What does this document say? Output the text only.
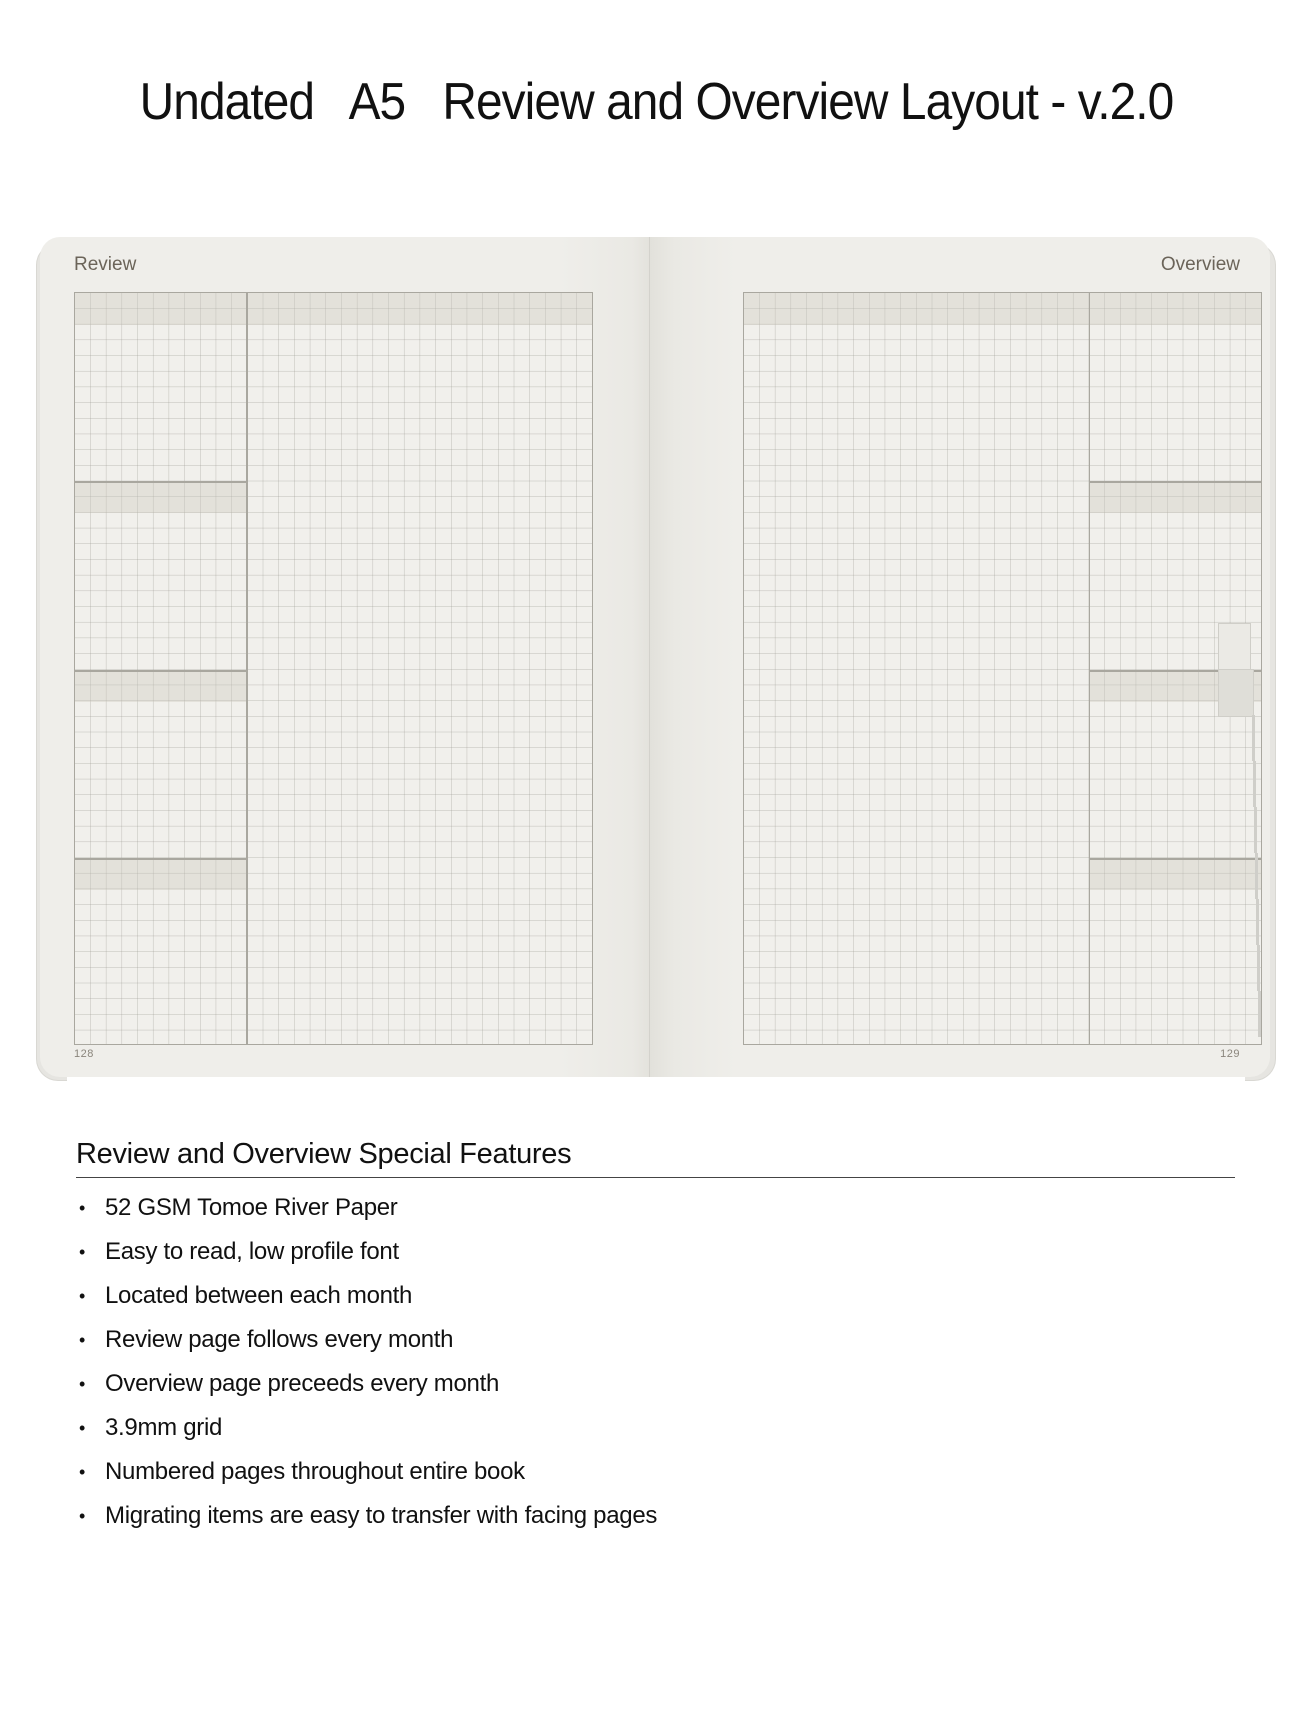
Undated   A5   Review and Overview Layout - v.2.0
Review
128
Overview
129
Review and Overview Special Features
• 52 GSM Tomoe River Paper
• Easy to read, low profile font
• Located between each month
• Review page follows every month
• Overview page preceeds every month
• 3.9mm grid
• Numbered pages throughout entire book
• Migrating items are easy to transfer with facing pages
